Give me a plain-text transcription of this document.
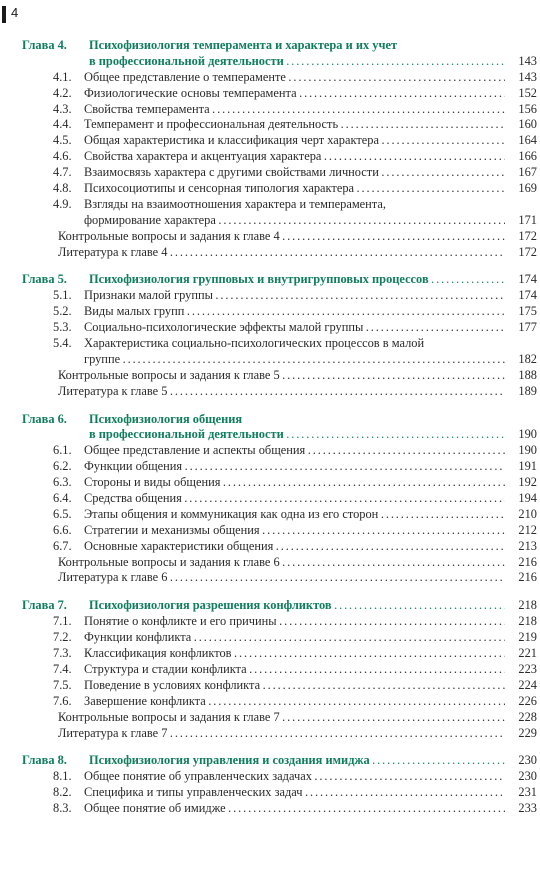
4
Глава 4. Психофизиология темперамента и характера и их учет
в профессиональной деятельности . . .	143
4.1. Общее представление о темпераменте . . .	143
4.2. Физиологические основы темперамента . . .	152
4.3. Свойства темперамента . . .	156
4.4. Темперамент и профессиональная деятельность . . .	160
4.5. Общая характеристика и классификация черт характера . . .	164
4.6. Свойства характера и акцентуация характера . . .	166
4.7. Взаимосвязь характера с другими свойствами личности . . .	167
4.8. Психосоциотипы и сенсорная типология характера . . .	169
4.9. Взгляды на взаимоотношения характера и темперамента,
формирование характера . . .	171
Контрольные вопросы и задания к главе 4 . . .	172
Литература к главе 4 . . .	172
Глава 5. Психофизиология групповых и внутригрупповых процессов . . .	174
5.1. Признаки малой группы . . .	174
5.2. Виды малых групп . . .	175
5.3. Социально-психологические эффекты малой группы . . .	177
5.4. Характеристика социально-психологических процессов в малой
группе . . .	182
Контрольные вопросы и задания к главе 5 . . .	188
Литература к главе 5 . . .	189
Глава 6. Психофизиология общения
в профессиональной деятельности . . .	190
6.1. Общее представление и аспекты общения . . .	190
6.2. Функции общения . . .	191
6.3. Стороны и виды общения . . .	192
6.4. Средства общения . . .	194
6.5. Этапы общения и коммуникация как одна из его сторон . . .	210
6.6. Стратегии и механизмы общения . . .	212
6.7. Основные характеристики общения . . .	213
Контрольные вопросы и задания к главе 6 . . .	216
Литература к главе 6 . . .	216
Глава 7. Психофизиология разрешения конфликтов . . .	218
7.1. Понятие о конфликте и его причины . . .	218
7.2. Функции конфликта . . .	219
7.3. Классификация конфликтов . . .	221
7.4. Структура и стадии конфликта . . .	223
7.5. Поведение в условиях конфликта . . .	224
7.6. Завершение конфликта . . .	226
Контрольные вопросы и задания к главе 7 . . .	228
Литература к главе 7 . . .	229
Глава 8. Психофизиология управления и создания имиджа . . .	230
8.1. Общее понятие об управленческих задачах . . .	230
8.2. Специфика и типы управленческих задач . . .	231
8.3. Общее понятие об имидже . . .	233
